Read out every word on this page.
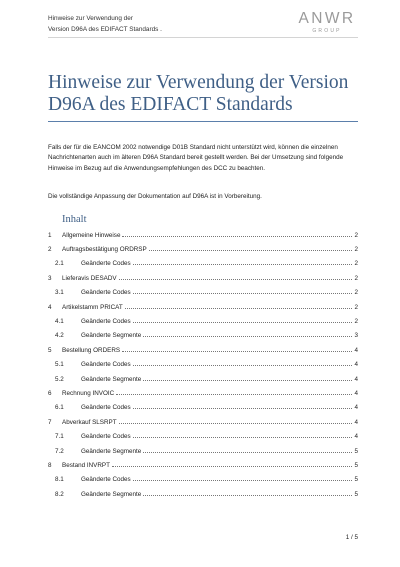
Hinweise zur Verwendung der
Version D96A des EDIFACT Standards .
ANWR
GROUP
Hinweise zur Verwendung der Version
D96A des EDIFACT Standards

Falls der für die EANCOM 2002 notwendige D01B Standard nicht unterstützt wird, können die einzelnen Nachrichtenarten auch im älteren D96A Standard bereit gestellt werden. Bei der Umsetzung sind folgende Hinweise im Bezug auf die Anwendungsempfehlungen des DCC zu beachten.

Die vollständige Anpassung der Dokumentation auf D96A ist in Vorbereitung.

Inhalt
1	Allgemeine Hinweise	2
2	Auftragsbestätigung ORDRSP	2
2.1	Geänderte Codes	2
3	Lieferavis DESADV	2
3.1	Geänderte Codes	2
4	Artikelstamm PRICAT	2
4.1	Geänderte Codes	2
4.2	Geänderte Segmente	3
5	Bestellung ORDERS	4
5.1	Geänderte Codes	4
5.2	Geänderte Segmente	4
6	Rechnung INVOIC	4
6.1	Geänderte Codes	4
7	Abverkauf SLSRPT	4
7.1	Geänderte Codes	4
7.2	Geänderte Segmente	5
8	Bestand INVRPT	5
8.1	Geänderte Codes	5
8.2	Geänderte Segmente	5
1 / 5
